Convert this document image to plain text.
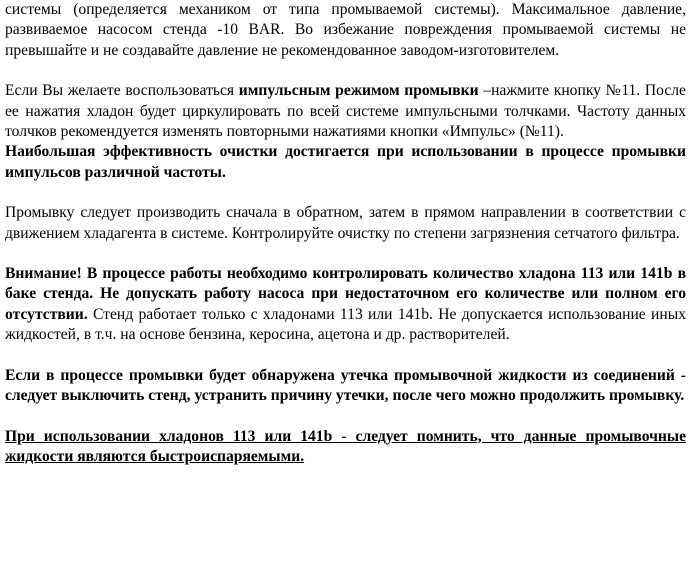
системы (определяется механиком от типа промываемой системы). Максимальное давление, развиваемое насосом стенда -10 BAR. Во избежание повреждения промываемой системы не превышайте и не создавайте давление не рекомендованное заводом-изготовителем.

Если Вы желаете воспользоваться импульсным режимом промывки –нажмите кнопку №11. После ее нажатия хладон будет циркулировать по всей системе импульсными толчками. Частоту данных толчков рекомендуется изменять повторными нажатиями кнопки «Импульс» (№11).

Наибольшая эффективность очистки достигается при использовании в процессе промывки импульсов различной частоты.

Промывку следует производить сначала в обратном, затем в прямом направлении в соответствии с движением хладагента в системе. Контролируйте очистку по степени загрязнения сетчатого фильтра.

Внимание! В процессе работы необходимо контролировать количество хладона 113 или 141b в баке стенда. Не допускать работу насоса при недостаточном его количестве или полном его отсутствии. Стенд работает только с хладонами 113 или 141b. Не допускается использование иных жидкостей, в т.ч. на основе бензина, керосина, ацетона и др. растворителей.

Если в процессе промывки будет обнаружена утечка промывочной жидкости из соединений - следует выключить стенд, устранить причину утечки, после чего можно продолжить промывку.

При использовании хладонов 113 или 141b - следует помнить, что данные промывочные жидкости являются быстроиспаряемыми.
